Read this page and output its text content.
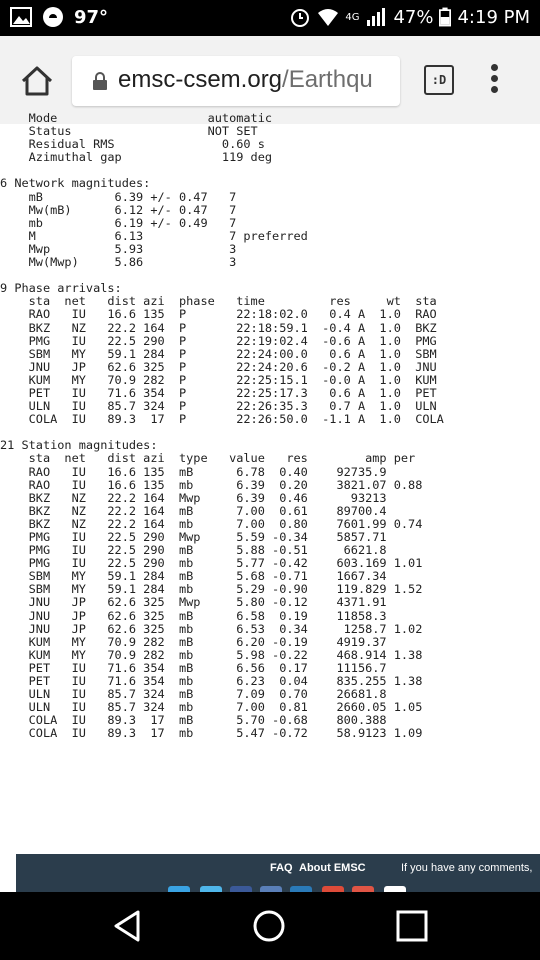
97°	4G 47% 4:19 PM
emsc-csem.org/Earthqu	:D
Mode                     automatic
Status                   NOT SET
Residual RMS               0.60 s
Azimuthal gap              119 deg

6 Network magnitudes:
mB          6.39 +/- 0.47   7
Mw(mB)      6.12 +/- 0.47   7
mb          6.19 +/- 0.49   7
M           6.13            7 preferred
Mwp         5.93            3
Mw(Mwp)     5.86            3

9 Phase arrivals:
sta  net   dist azi  phase   time         res     wt  sta
RAO   IU   16.6 135  P       22:18:02.0   0.4 A  1.0  RAO
BKZ   NZ   22.2 164  P       22:18:59.1  -0.4 A  1.0  BKZ
PMG   IU   22.5 290  P       22:19:02.4  -0.6 A  1.0  PMG
SBM   MY   59.1 284  P       22:24:00.0   0.6 A  1.0  SBM
JNU   JP   62.6 325  P       22:24:20.6  -0.2 A  1.0  JNU
KUM   MY   70.9 282  P       22:25:15.1  -0.0 A  1.0  KUM
PET   IU   71.6 354  P       22:25:17.3   0.6 A  1.0  PET
ULN   IU   85.7 324  P       22:26:35.3   0.7 A  1.0  ULN
COLA  IU   89.3  17  P       22:26:50.0  -1.1 A  1.0  COLA

21 Station magnitudes:
sta  net   dist azi  type   value   res        amp per
RAO   IU   16.6 135  mB      6.78  0.40    92735.9
RAO   IU   16.6 135  mb      6.39  0.20    3821.07 0.88
BKZ   NZ   22.2 164  Mwp     6.39  0.46      93213
BKZ   NZ   22.2 164  mB      7.00  0.61    89700.4
BKZ   NZ   22.2 164  mb      7.00  0.80    7601.99 0.74
PMG   IU   22.5 290  Mwp     5.59 -0.34    5857.71
PMG   IU   22.5 290  mB      5.88 -0.51     6621.8
PMG   IU   22.5 290  mb      5.77 -0.42    603.169 1.01
SBM   MY   59.1 284  mB      5.68 -0.71    1667.34
SBM   MY   59.1 284  mb      5.29 -0.90    119.829 1.52
JNU   JP   62.6 325  Mwp     5.80 -0.12    4371.91
JNU   JP   62.6 325  mB      6.58  0.19    11858.3
JNU   JP   62.6 325  mb      6.53  0.34     1258.7 1.02
KUM   MY   70.9 282  mB      6.20 -0.19    4919.37
KUM   MY   70.9 282  mb      5.98 -0.22    468.914 1.38
PET   IU   71.6 354  mB      6.56  0.17    11156.7
PET   IU   71.6 354  mb      6.23  0.04    835.255 1.38
ULN   IU   85.7 324  mB      7.09  0.70    26681.8
ULN   IU   85.7 324  mb      7.00  0.81    2660.05 1.05
COLA  IU   89.3  17  mB      5.70 -0.68    800.388
COLA  IU   89.3  17  mb      5.47 -0.72    58.9123 1.09
FAQ About EMSC	If you have any comments,
